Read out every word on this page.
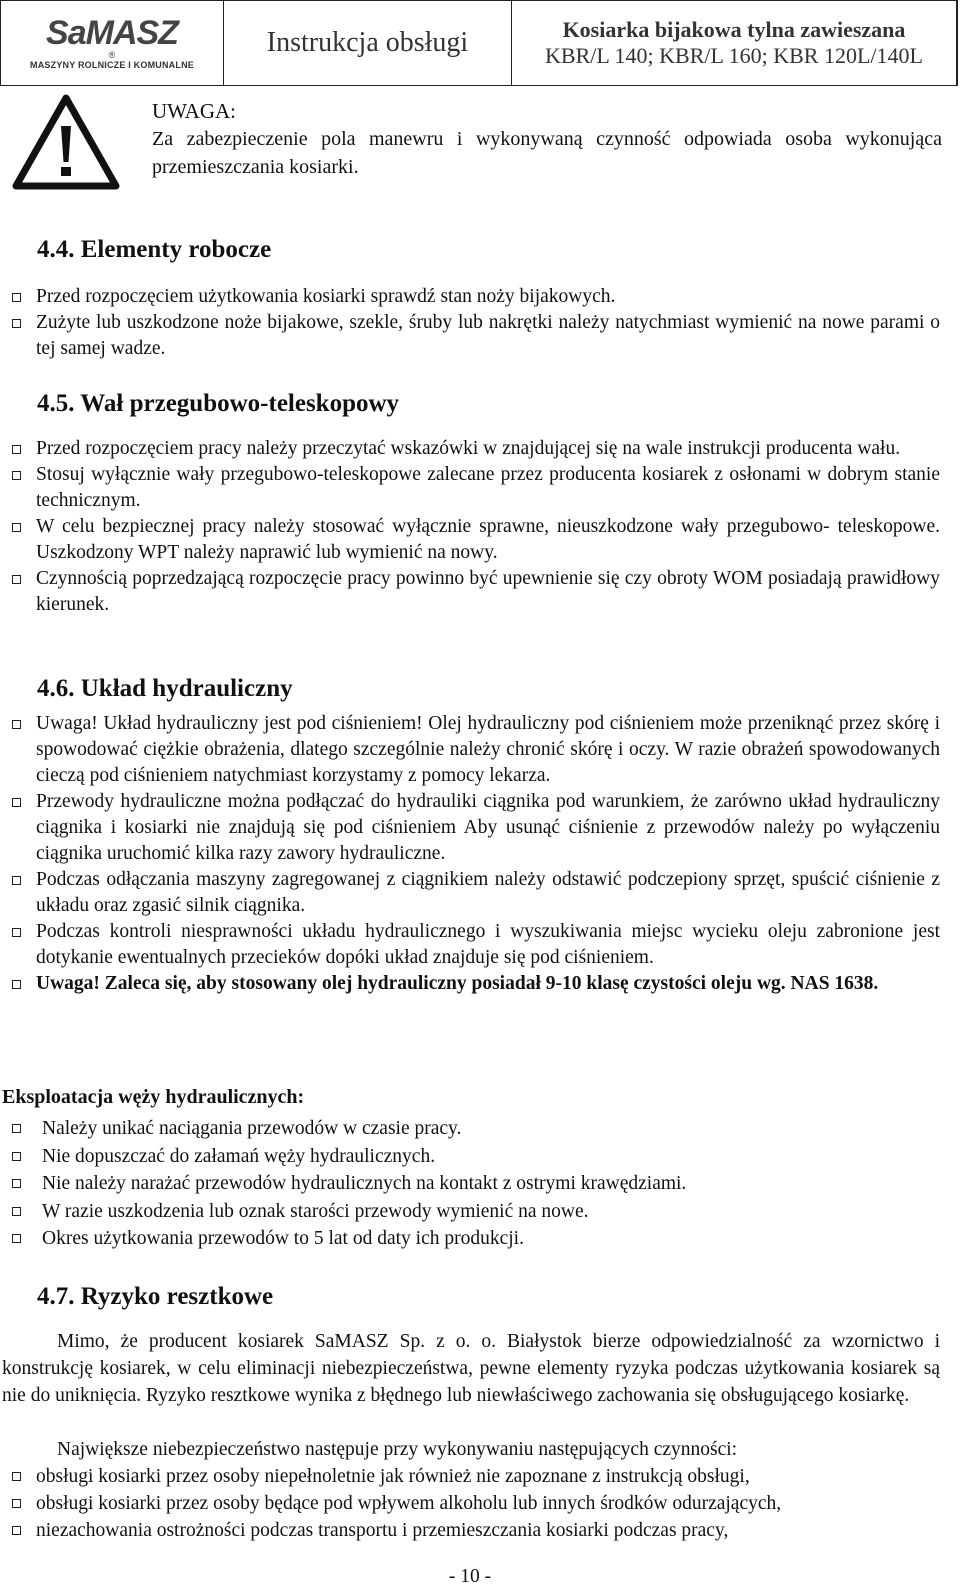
SaMASZ
®
MASZYNY ROLNICZE I KOMUNALNE
Instrukcja obsługi	Kosiarka bijakowa tylna zawieszana
KBR/L 140; KBR/L 160; KBR 120L/140L
UWAGA:
Za zabezpieczenie pola manewru i wykonywaną czynność odpowiada osoba wykonująca przemieszczania kosiarki.
4.4. Elementy robocze
Przed rozpoczęciem użytkowania kosiarki sprawdź stan noży bijakowych.
Zużyte lub uszkodzone noże bijakowe, szekle, śruby lub nakrętki należy natychmiast wymienić na nowe parami o tej samej wadze.
4.5. Wał przegubowo-teleskopowy
Przed rozpoczęciem pracy należy przeczytać wskazówki w znajdującej się na wale instrukcji producenta wału.
Stosuj wyłącznie wały przegubowo-teleskopowe zalecane przez producenta kosiarek z osłonami w dobrym stanie technicznym.
W celu bezpiecznej pracy należy stosować wyłącznie sprawne, nieuszkodzone wały przegubowo- teleskopowe. Uszkodzony WPT należy naprawić lub wymienić na nowy.
Czynnością poprzedzającą rozpoczęcie pracy powinno być upewnienie się czy obroty WOM posiadają prawidłowy kierunek.
4.6. Układ hydrauliczny
Uwaga! Układ hydrauliczny jest pod ciśnieniem! Olej hydrauliczny pod ciśnieniem może przeniknąć przez skórę i spowodować ciężkie obrażenia, dlatego szczególnie należy chronić skórę i oczy. W razie obrażeń spowodowanych cieczą pod ciśnieniem natychmiast korzystamy z pomocy lekarza.
Przewody hydrauliczne można podłączać do hydrauliki ciągnika pod warunkiem, że zarówno układ hydrauliczny ciągnika i kosiarki nie znajdują się pod ciśnieniem Aby usunąć ciśnienie z przewodów należy po wyłączeniu ciągnika uruchomić kilka razy zawory hydrauliczne.
Podczas odłączania maszyny zagregowanej z ciągnikiem należy odstawić podczepiony sprzęt, spuścić ciśnienie z układu oraz zgasić silnik ciągnika.
Podczas kontroli niesprawności układu hydraulicznego i wyszukiwania miejsc wycieku oleju zabronione jest dotykanie ewentualnych przecieków dopóki układ znajduje się pod ciśnieniem.
Uwaga! Zaleca się, aby stosowany olej hydrauliczny posiadał 9-10 klasę czystości oleju wg. NAS 1638.
Eksploatacja węży hydraulicznych:
Należy unikać naciągania przewodów w czasie pracy.
Nie dopuszczać do załamań węży hydraulicznych.
Nie należy narażać przewodów hydraulicznych na kontakt z ostrymi krawędziami.
W razie uszkodzenia lub oznak starości przewody wymienić na nowe.
Okres użytkowania przewodów to 5 lat od daty ich produkcji.
4.7. Ryzyko resztkowe
Mimo, że producent kosiarek SaMASZ Sp. z o. o. Białystok bierze odpowiedzialność za wzornictwo i konstrukcję kosiarek, w celu eliminacji niebezpieczeństwa, pewne elementy ryzyka podczas użytkowania kosiarek są nie do uniknięcia. Ryzyko resztkowe wynika z błędnego lub niewłaściwego zachowania się obsługującego kosiarkę.
Największe niebezpieczeństwo następuje przy wykonywaniu następujących czynności:
obsługi kosiarki przez osoby niepełnoletnie jak również nie zapoznane z instrukcją obsługi,
obsługi kosiarki przez osoby będące pod wpływem alkoholu lub innych środków odurzających,
niezachowania ostrożności podczas transportu i przemieszczania kosiarki podczas pracy,
- 10 -
